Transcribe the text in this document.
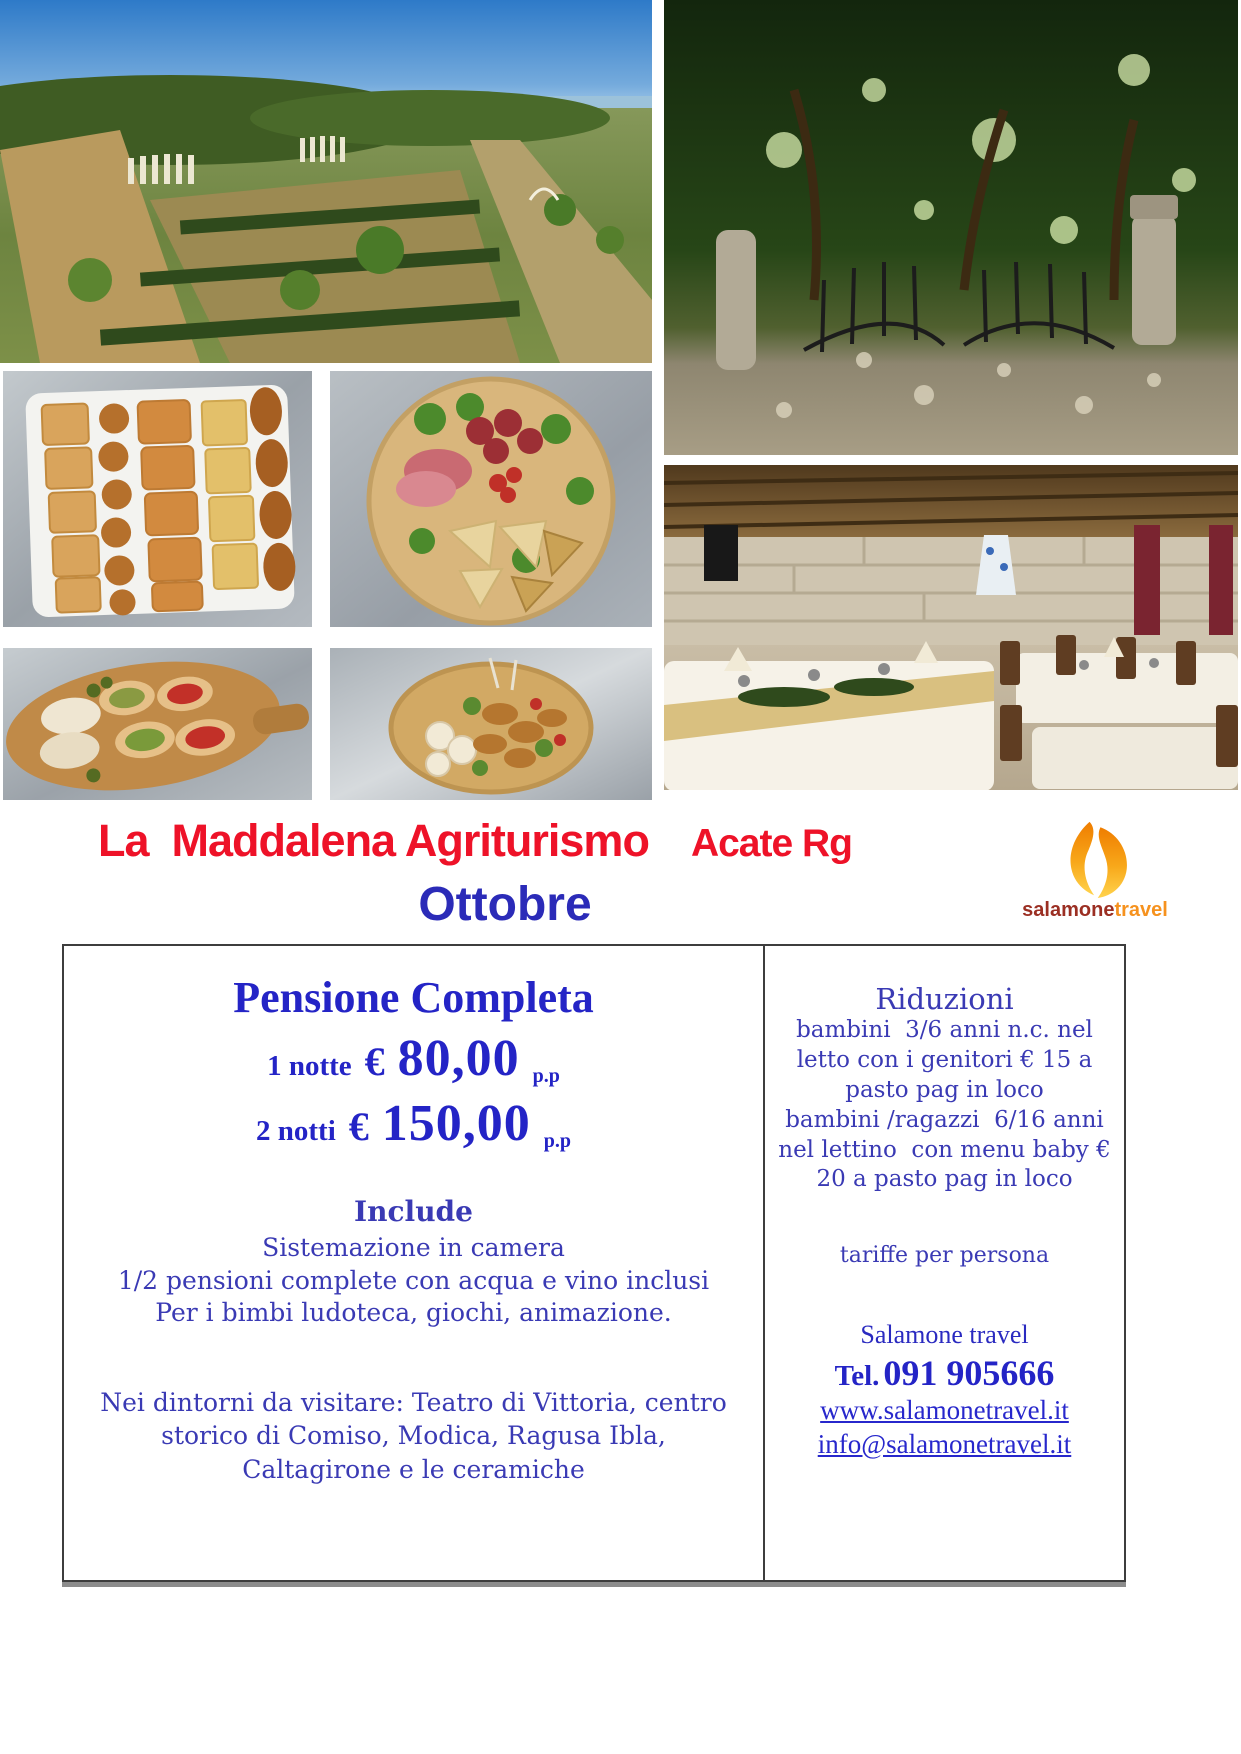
La  Maddalena Agriturismo Acate Rg
salamonetravel
Ottobre
Pensione Completa
1 notte € 80,00 p.p
2 notti € 150,00 p.p
Include
Sistemazione in camera
1/2 pensioni complete con acqua e vino inclusi
Per i bimbi ludoteca, giochi, animazione.
Nei dintorni da visitare: Teatro di Vittoria, centro storico di Comiso, Modica, Ragusa Ibla, Caltagirone e le ceramiche
Riduzioni
bambini  3/6 anni n.c. nel letto con i genitori € 15 a pasto pag in loco
bambini /ragazzi  6/16 anni nel lettino  con menu baby € 20 a pasto pag in loco
tariffe per persona
Salamone travel
Tel. 091 905666
www.salamonetravel.it
info@salamonetravel.it
